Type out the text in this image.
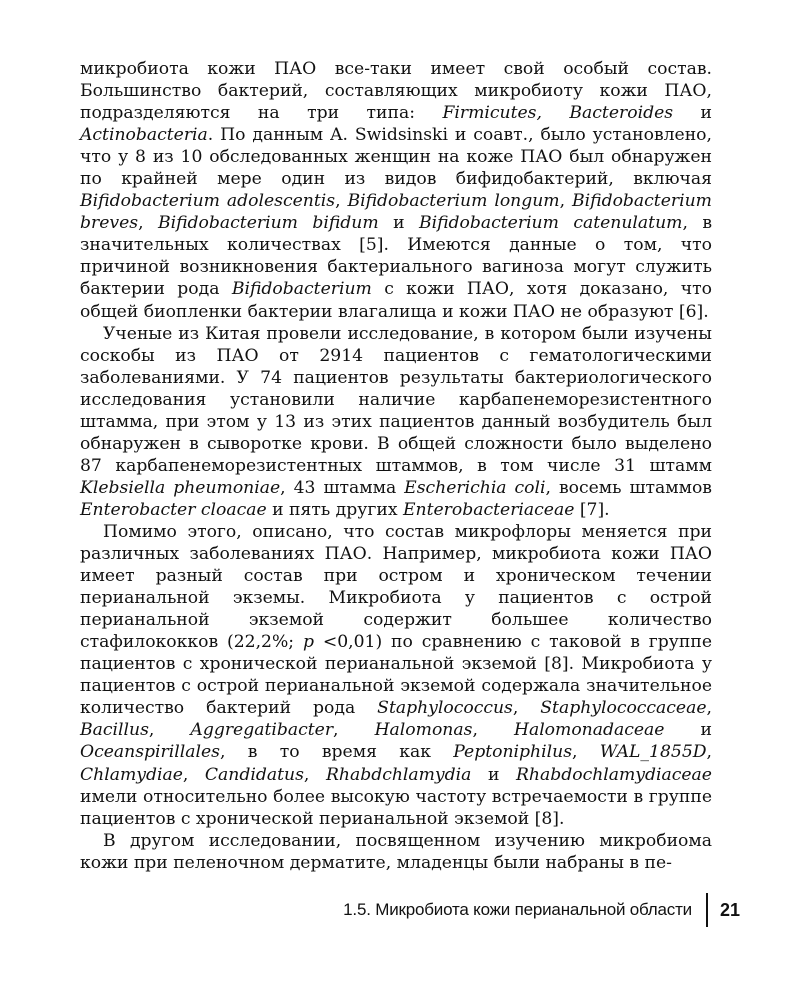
микробиота кожи ПАО все-таки имеет свой особый состав. Большинство бактерий, составляющих микробиоту кожи ПАО, подразделяются на три типа: Firmicutes, Bacteroides и Actinobacteria. По данным A. Swidsinski и соавт., было установлено, что у 8 из 10 обследованных женщин на коже ПАО был обнаружен по крайней мере один из видов бифидобактерий, включая Bifidobacterium adolescentis, Bifidobacterium longum, Bifidobacterium breves, Bifidobacterium bifidum и Bifidobacterium catenulatum, в значительных количествах [5]. Имеются данные о том, что причиной возникновения бактериального вагиноза могут служить бактерии рода Bifidobacterium с кожи ПАО, хотя доказано, что общей биопленки бактерии влагалища и кожи ПАО не образуют [6].

Ученые из Китая провели исследование, в котором были изучены соскобы из ПАО от 2914 пациентов с гематологическими заболеваниями. У 74 пациентов результаты бактериологического исследования установили наличие карбапенеморезистентного штамма, при этом у 13 из этих пациентов данный возбудитель был обнаружен в сыворотке крови. В общей сложности было выделено 87 карбапенеморезистентных штаммов, в том числе 31 штамм Klebsiella pheumoniae, 43 штамма Escherichia coli, восемь штаммов Enterobacter cloacae и пять других Enterobacteriaceae [7].

Помимо этого, описано, что состав микрофлоры меняется при различных заболеваниях ПАО. Например, микробиота кожи ПАО имеет разный состав при остром и хроническом течении перианальной экземы. Микробиота у пациентов с острой перианальной экземой содержит большее количество стафилококков (22,2%; p <0,01) по сравнению с таковой в группе пациентов с хронической перианальной экземой [8]. Микробиота у пациентов с острой перианальной экземой содержала значительное количество бактерий рода Staphylococcus, Staphylococcaceae, Bacillus, Aggregatibacter, Halomonas, Halomonadaceae и Oceanspirillales, в то время как Peptoniphilus, WAL_1855D, Chlamydiae, Candidatus, Rhabdchlamydia и Rhabdochlamydiaceae имели относительно более высокую частоту встречаемости в группе пациентов с хронической перианальной экземой [8].

В другом исследовании, посвященном изучению микробиома кожи при пеленочном дерматите, младенцы были набраны в пе-

1.5. Микробиота кожи перианальной области 21
